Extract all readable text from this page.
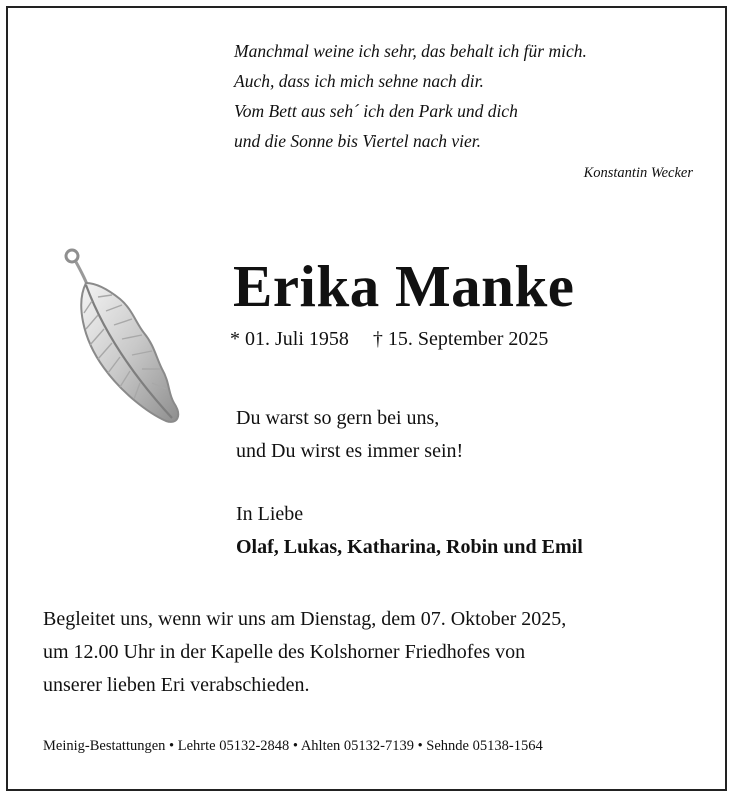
Manchmal weine ich sehr, das behalt ich für mich.
Auch, dass ich mich sehne nach dir.
Vom Bett aus seh´ ich den Park und dich
und die Sonne bis Viertel nach vier.
Konstantin Wecker
Erika Manke
* 01. Juli 1958 † 15. September 2025
Du warst so gern bei uns,
und Du wirst es immer sein!
In Liebe
Olaf, Lukas, Katharina, Robin und Emil
Begleitet uns, wenn wir uns am Dienstag, dem 07. Oktober 2025,
um 12.00 Uhr in der Kapelle des Kolshorner Friedhofes von
unserer lieben Eri verabschieden.
Meinig-Bestattungen • Lehrte 05132-2848 • Ahlten 05132-7139 • Sehnde 05138-1564
